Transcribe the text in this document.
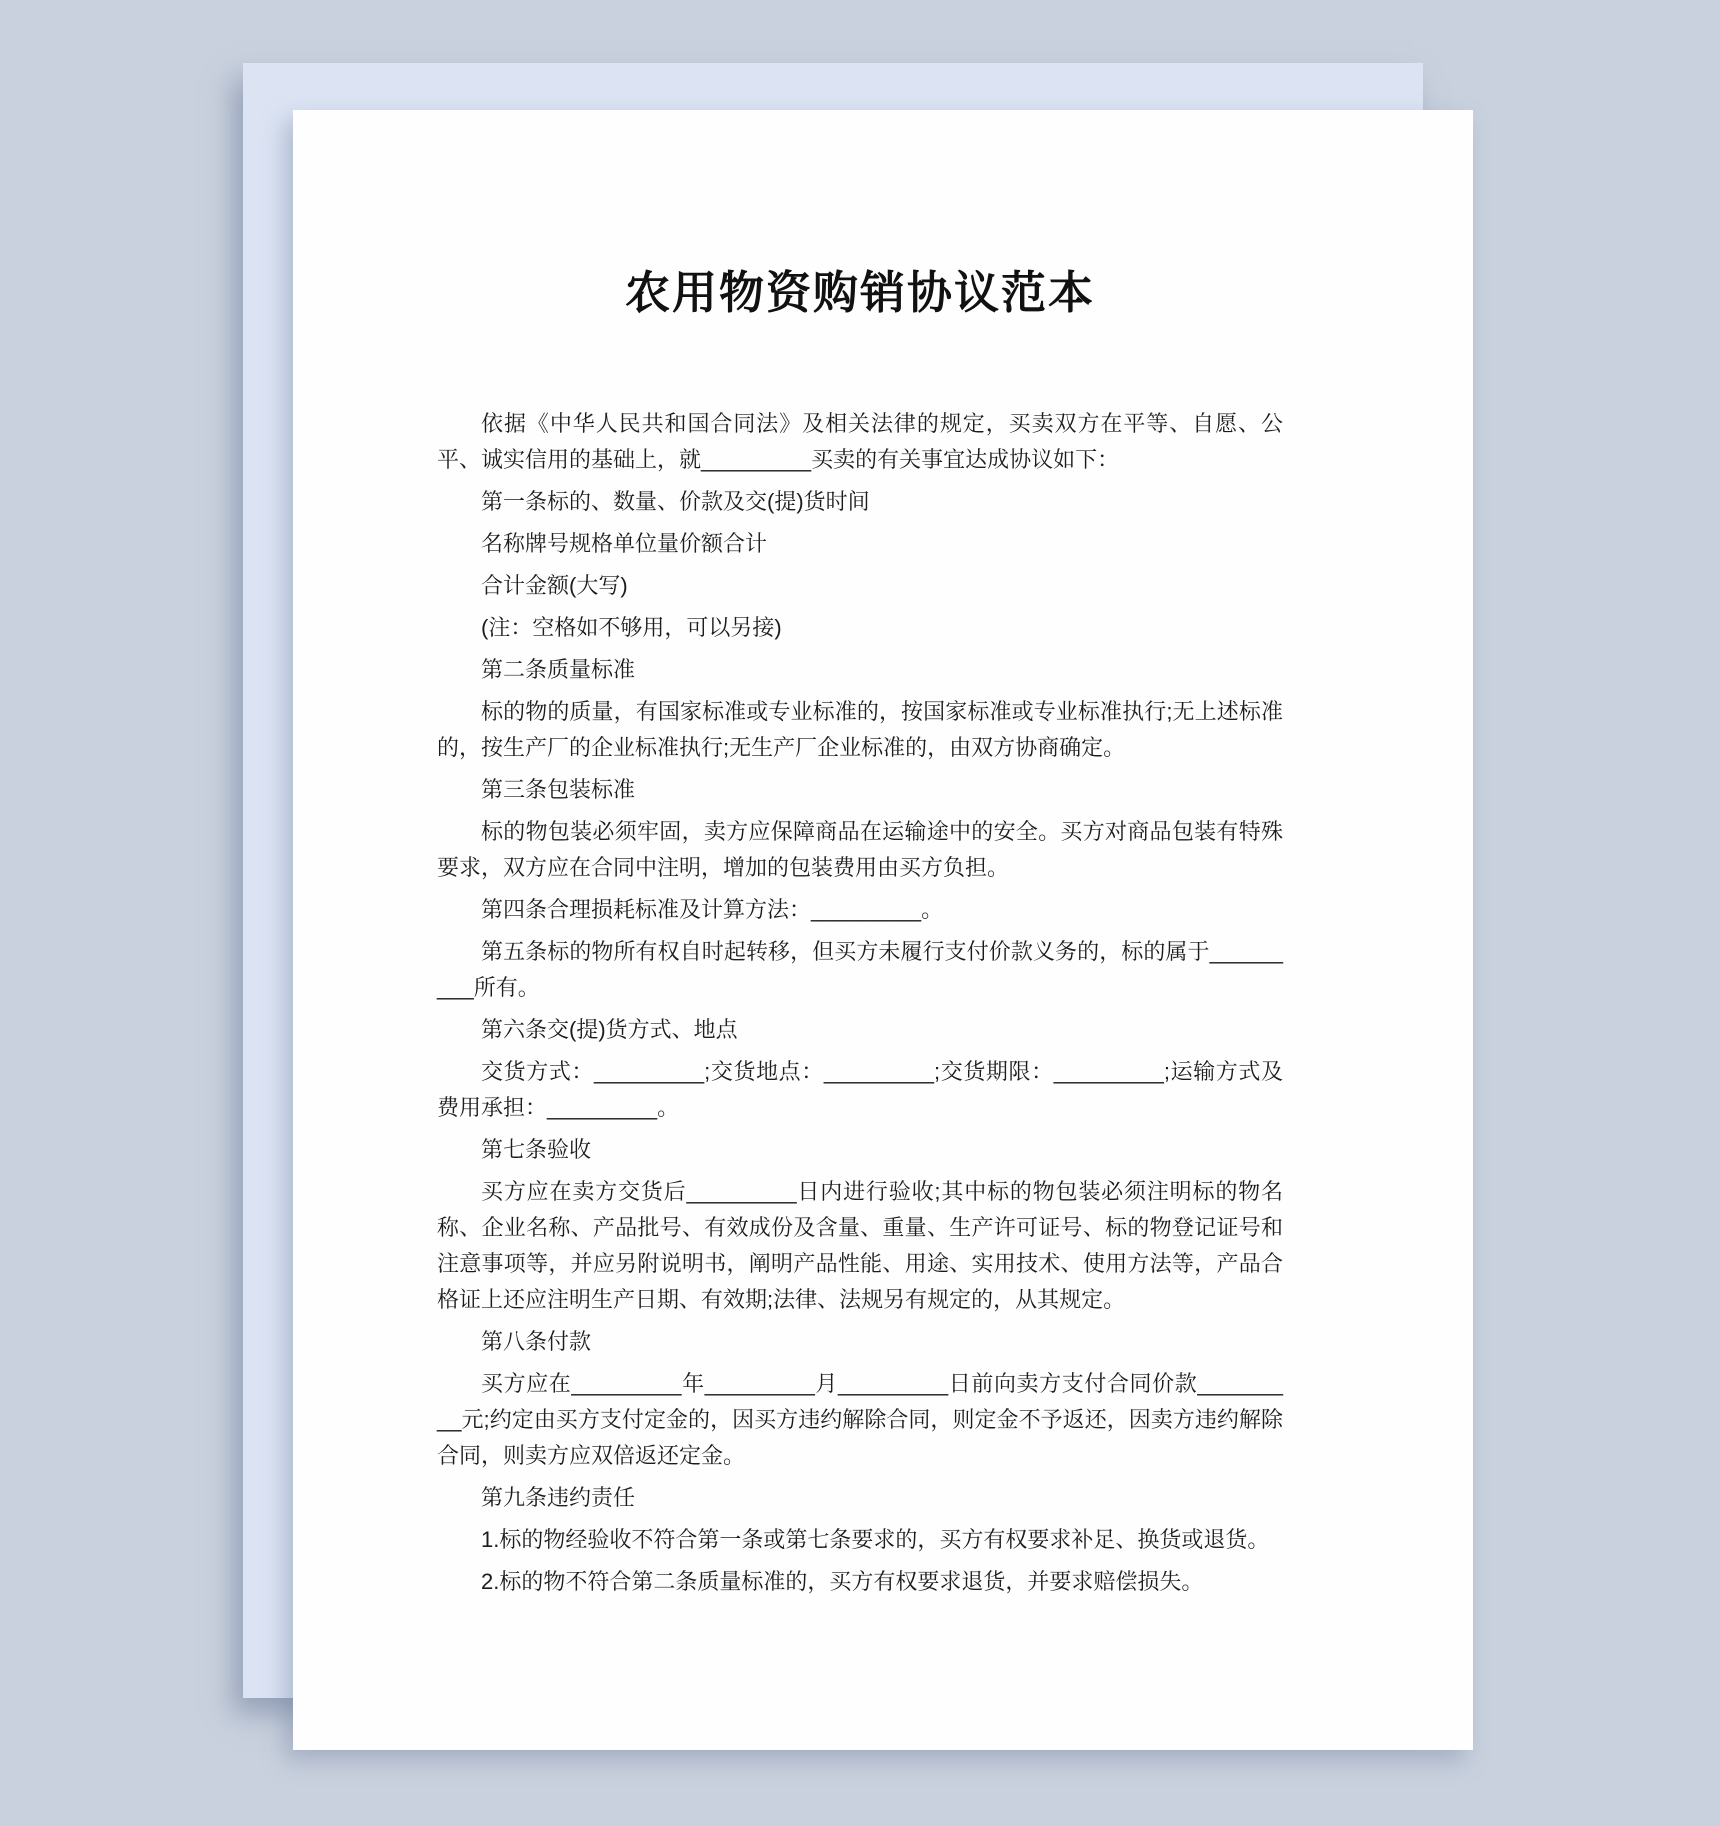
农用物资购销协议范本

依据《中华人民共和国合同法》及相关法律的规定，买卖双方在平等、自愿、公平、诚实信用的基础上，就_________买卖的有关事宜达成协议如下：

第一条标的、数量、价款及交(提)货时间

名称牌号规格单位量价额合计

合计金额(大写)

(注：空格如不够用，可以另接)

第二条质量标准

标的物的质量，有国家标准或专业标准的，按国家标准或专业标准执行;无上述标准的，按生产厂的企业标准执行;无生产厂企业标准的，由双方协商确定。

第三条包装标准

标的物包装必须牢固，卖方应保障商品在运输途中的安全。买方对商品包装有特殊要求，双方应在合同中注明，增加的包装费用由买方负担。

第四条合理损耗标准及计算方法：_________。

第五条标的物所有权自时起转移，但买方未履行支付价款义务的，标的属于_________所有。

第六条交(提)货方式、地点

交货方式：_________;交货地点：_________;交货期限：_________;运输方式及费用承担：_________。

第七条验收

买方应在卖方交货后_________日内进行验收;其中标的物包装必须注明标的物名称、企业名称、产品批号、有效成份及含量、重量、生产许可证号、标的物登记证号和注意事项等，并应另附说明书，阐明产品性能、用途、实用技术、使用方法等，产品合格证上还应注明生产日期、有效期;法律、法规另有规定的，从其规定。

第八条付款

买方应在_________年_________月_________日前向卖方支付合同价款_________元;约定由买方支付定金的，因买方违约解除合同，则定金不予返还，因卖方违约解除合同，则卖方应双倍返还定金。

第九条违约责任

1.标的物经验收不符合第一条或第七条要求的，买方有权要求补足、换货或退货。

2.标的物不符合第二条质量标准的，买方有权要求退货，并要求赔偿损失。
